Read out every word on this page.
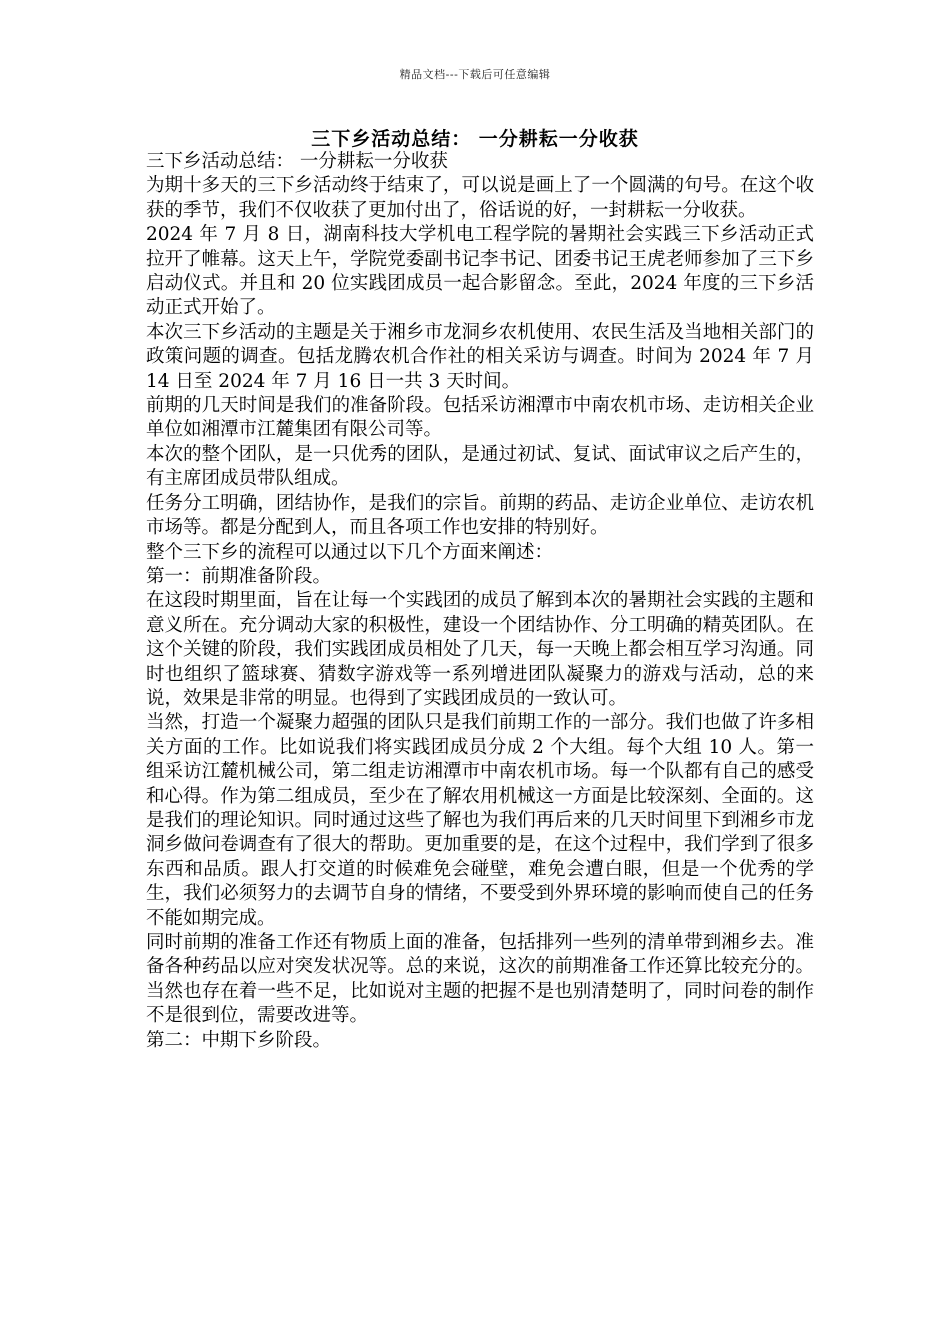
精品文档---下载后可任意编辑
三下乡活动总结： 一分耕耘一分收获

三下乡活动总结： 一分耕耘一分收获

为期十多天的三下乡活动终于结束了，可以说是画上了一个圆满的句号。在这个收获的季节，我们不仅收获了更加付出了，俗话说的好，一封耕耘一分收获。

2024 年 7 月 8 日，湖南科技大学机电工程学院的暑期社会实践三下乡活动正式拉开了帷幕。这天上午，学院党委副书记李书记、团委书记王虎老师参加了三下乡启动仪式。并且和 20 位实践团成员一起合影留念。至此，2024 年度的三下乡活动正式开始了。

本次三下乡活动的主题是关于湘乡市龙洞乡农机使用、农民生活及当地相关部门的政策问题的调查。包括龙腾农机合作社的相关采访与调查。时间为 2024 年 7 月 14 日至 2024 年 7 月 16 日一共 3 天时间。

前期的几天时间是我们的准备阶段。包括采访湘潭市中南农机市场、走访相关企业单位如湘潭市江麓集团有限公司等。

本次的整个团队，是一只优秀的团队，是通过初试、复试、面试审议之后产生的，有主席团成员带队组成。

任务分工明确，团结协作，是我们的宗旨。前期的药品、走访企业单位、走访农机市场等。都是分配到人，而且各项工作也安排的特别好。

整个三下乡的流程可以通过以下几个方面来阐述：

第一：前期准备阶段。

在这段时期里面，旨在让每一个实践团的成员了解到本次的暑期社会实践的主题和意义所在。充分调动大家的积极性，建设一个团结协作、分工明确的精英团队。在这个关键的阶段，我们实践团成员相处了几天，每一天晚上都会相互学习沟通。同时也组织了篮球赛、猜数字游戏等一系列增进团队凝聚力的游戏与活动，总的来说，效果是非常的明显。也得到了实践团成员的一致认可。

当然，打造一个凝聚力超强的团队只是我们前期工作的一部分。我们也做了许多相关方面的工作。比如说我们将实践团成员分成 2 个大组。每个大组 10 人。第一组采访江麓机械公司，第二组走访湘潭市中南农机市场。每一个队都有自己的感受和心得。作为第二组成员，至少在了解农用机械这一方面是比较深刻、全面的。这是我们的理论知识。同时通过这些了解也为我们再后来的几天时间里下到湘乡市龙洞乡做问卷调查有了很大的帮助。更加重要的是，在这个过程中，我们学到了很多东西和品质。跟人打交道的时候难免会碰壁，难免会遭白眼，但是一个优秀的学生，我们必须努力的去调节自身的情绪，不要受到外界环境的影响而使自己的任务不能如期完成。

同时前期的准备工作还有物质上面的准备，包括排列一些列的清单带到湘乡去。准备各种药品以应对突发状况等。总的来说，这次的前期准备工作还算比较充分的。当然也存在着一些不足，比如说对主题的把握不是也别清楚明了，同时问卷的制作不是很到位，需要改进等。

第二：中期下乡阶段。
